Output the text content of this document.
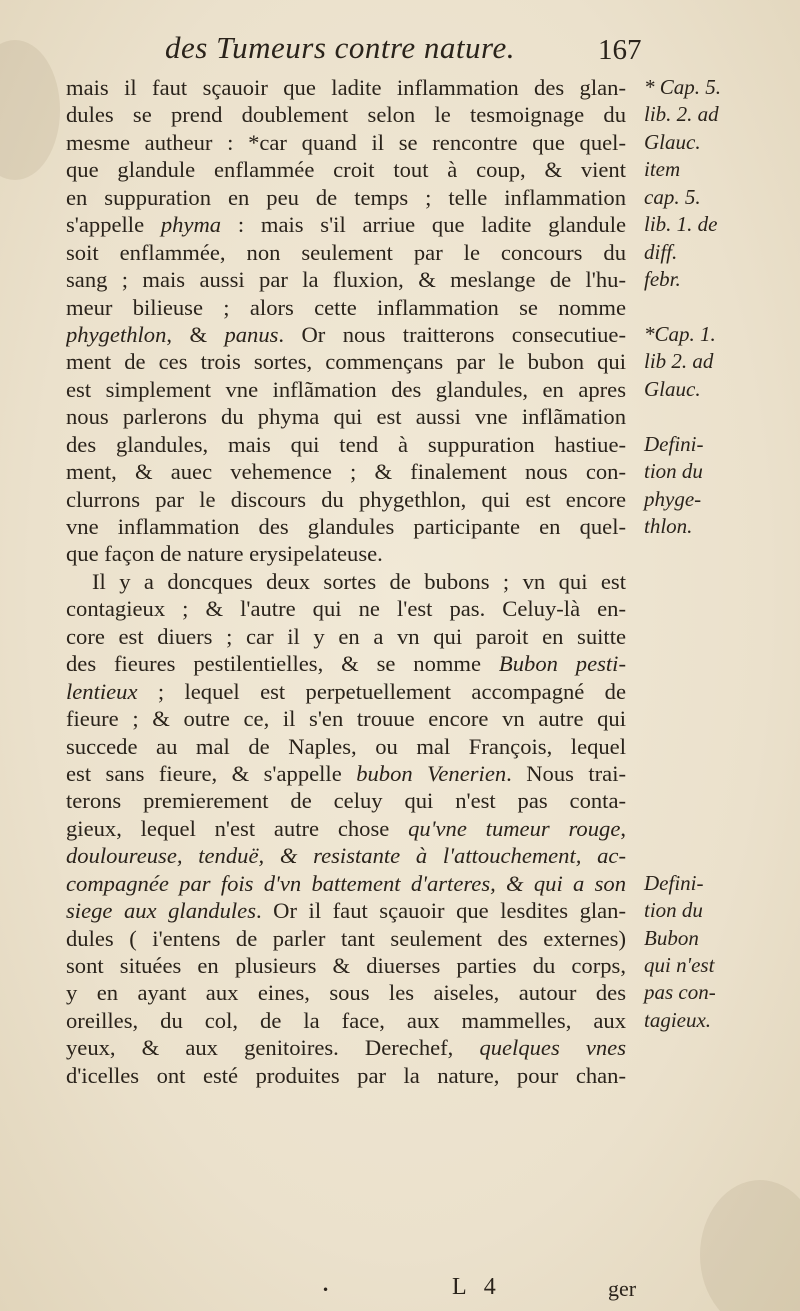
des Tumeurs contre nature.	167
mais il faut sçauoir que ladite inflammation des glan-
dules se prend doublement selon le tesmoignage du
mesme autheur : *car quand il se rencontre que quel-
que glandule enflammée croit tout à coup, & vient
en suppuration en peu de temps ; telle inflammation
s'appelle phyma : mais s'il arriue que ladite glandule
soit enflammée, non seulement par le concours du
sang ; mais aussi par la fluxion, & meslange de l'hu-
meur bilieuse ; alors cette inflammation se nomme
phygethlon, & panus. Or nous traitterons consecutiue-
ment de ces trois sortes, commençans par le bubon qui
est simplement vne inflãmation des glandules, en apres
nous parlerons du phyma qui est aussi vne inflãmation
des glandules, mais qui tend à suppuration hastiue-
ment, & auec vehemence ; & finalement nous con-
clurrons par le discours du phygethlon, qui est encore
vne inflammation des glandules participante en quel-
que façon de nature erysipelateuse.
Il y a doncques deux sortes de bubons ; vn qui est
contagieux ; & l'autre qui ne l'est pas. Celuy-là en-
core est diuers ; car il y en a vn qui paroit en suitte
des fieures pestilentielles, & se nomme Bubon pesti-
lentieux ; lequel est perpetuellement accompagné de
fieure ; & outre ce, il s'en trouue encore vn autre qui
succede au mal de Naples, ou mal François, lequel
est sans fieure, & s'appelle bubon Venerien. Nous trai-
terons premierement de celuy qui n'est pas conta-
gieux, lequel n'est autre chose qu'vne tumeur rouge,
douloureuse, tenduë, & resistante à l'attouchement, ac-
compagnée par fois d'vn battement d'arteres, & qui a son
siege aux glandules. Or il faut sçauoir que lesdites glan-
dules ( i'entens de parler tant seulement des externes)
sont situées en plusieurs & diuerses parties du corps,
y en ayant aux eines, sous les aiseles, autour des
oreilles, du col, de la face, aux mammelles, aux
yeux, & aux genitoires. Derechef, quelques vnes
d'icelles ont esté produites par la nature, pour chan-
* Cap. 5.
lib. 2. ad
Glauc.
item
cap. 5.
lib. 1. de
diff.
febr.
*Cap. 1.
lib 2. ad
Glauc.
Defini-
tion du
phyge-
thlon.
Defini-
tion du
Bubon
qui n'est
pas con-
tagieux.
•	L 4	ger
